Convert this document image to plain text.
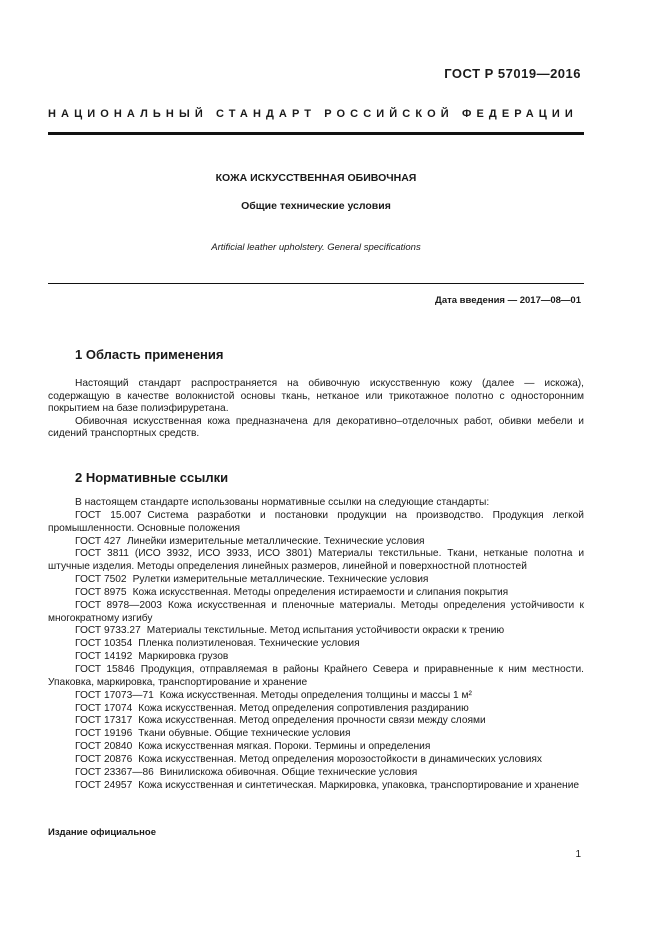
ГОСТ Р 57019—2016
НАЦИОНАЛЬНЫЙ СТАНДАРТ РОССИЙСКОЙ ФЕДЕРАЦИИ
КОЖА ИСКУССТВЕННАЯ ОБИВОЧНАЯ
Общие технические условия
Artificial leather upholstery. General specifications
Дата введения — 2017—08—01
1 Область применения

Настоящий стандарт распространяется на обивочную искусственную кожу (далее — искожа), содержащую в качестве волокнистой основы ткань, нетканое или трикотажное полотно с односторонним покрытием на базе полиэфируретана.

Обивочная искусственная кожа предназначена для декоративно–отделочных работ, обивки мебели и сидений транспортных средств.

2 Нормативные ссылки
В настоящем стандарте использованы нормативные ссылки на следующие стандарты:
ГОСТ 15.007 Система разработки и постановки продукции на производство. Продукция легкой промышленности. Основные положения
ГОСТ 427 Линейки измерительные металлические. Технические условия
ГОСТ 3811 (ИСО 3932, ИСО 3933, ИСО 3801) Материалы текстильные. Ткани, нетканые полотна и штучные изделия. Методы определения линейных размеров, линейной и поверхностной плотностей
ГОСТ 7502 Рулетки измерительные металлические. Технические условия
ГОСТ 8975 Кожа искусственная. Методы определения истираемости и слипания покрытия
ГОСТ 8978—2003 Кожа искусственная и пленочные материалы. Методы определения устойчивости к многократному изгибу
ГОСТ 9733.27 Материалы текстильные. Метод испытания устойчивости окраски к трению
ГОСТ 10354 Пленка полиэтиленовая. Технические условия
ГОСТ 14192 Маркировка грузов
ГОСТ 15846 Продукция, отправляемая в районы Крайнего Севера и приравненные к ним местности. Упаковка, маркировка, транспортирование и хранение
ГОСТ 17073—71 Кожа искусственная. Методы определения толщины и массы 1 м²
ГОСТ 17074 Кожа искусственная. Метод определения сопротивления раздиранию
ГОСТ 17317 Кожа искусственная. Метод определения прочности связи между слоями
ГОСТ 19196 Ткани обувные. Общие технические условия
ГОСТ 20840 Кожа искусственная мягкая. Пороки. Термины и определения
ГОСТ 20876 Кожа искусственная. Метод определения морозостойкости в динамических условиях
ГОСТ 23367—86 Винилискожа обивочная. Общие технические условия
ГОСТ 24957 Кожа искусственная и синтетическая. Маркировка, упаковка, транспортирование и хранение
Издание официальное
1
